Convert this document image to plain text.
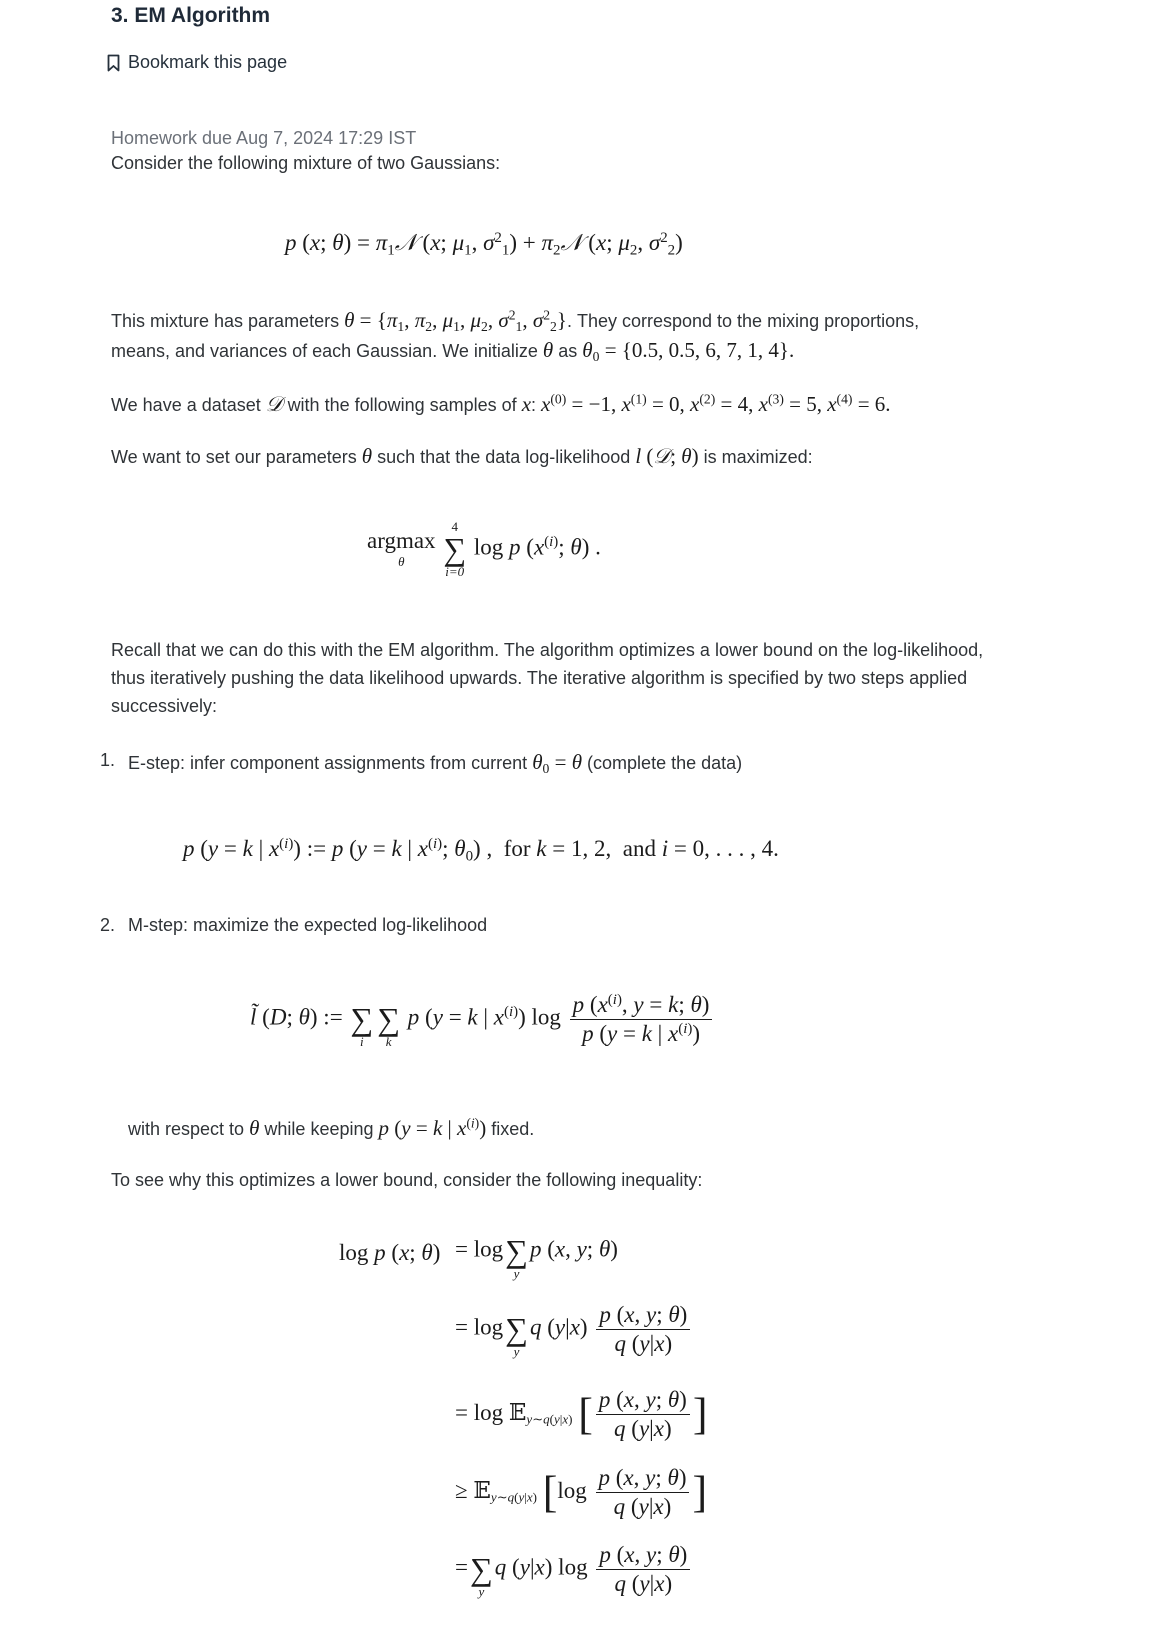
3. EM Algorithm
Bookmark this page
Homework due Aug 7, 2024 17:29 IST
Consider the following mixture of two Gaussians:
p (x; $\theta) = \pi_1𝒩$ (x; $\mu_1$, $\sigma^2_1$) + $\pi_2𝒩$ (x; $\mu_2$, $\sigma^2_2$)
This mixture has parameters $\theta = \{\pi_1$, $\pi_2$, $\mu_1$, $\mu_2$, $\sigma^2_1$, $\sigma^2_2$}. They correspond to the mixing proportions,
means, and variances of each Gaussian. We initialize θ as $\theta_0 = \{0.5$, 0.5, 6, 7, 1, 4}.
We have a dataset 𝒟 with the following samples of x: $x^{(0)} = -1$, $x^{(1)} = 0$, $x^{(2)} = 4$, $x^{(3)} = 5$, $x^{(4)} = 6$.
We want to set our parameters θ such that the data log-likelihood l (𝒟; θ) is maximized:
argmax
θ

4
∑
i=0
log p ($x^{(i)}$; θ) .
Recall that we can do this with the EM algorithm. The algorithm optimizes a lower bound on the log-likelihood,
thus iteratively pushing the data likelihood upwards. The iterative algorithm is specified by two steps applied
successively:
1. E-step: infer component assignments from current $\theta_0 = \theta$ (complete the data)
p (y = k | $x^{(i)}$) := p (y = k | $x^{(i)}$; $\theta_0$) ,  for k = 1, 2, and i = 0, . . . , 4.
2. M-step: maximize the expected log-likelihood
l̃ (D; θ) :=
∑
i

∑
k
p (y = k | $x^{(i)}$) $\log \frac{p (x^{(i)}, y = k; \theta)}{p (y = k | x^{(i)})}$
with respect to θ while keeping p (y = k | $x^{(i)}$) fixed.
To see why this optimizes a lower bound, consider the following inequality:
log p (x; θ) = log
∑
y
p (x, y; θ)
= log
∑
y
q $(y|x) \frac{p (x, y; \theta)}{q (y|x)}$
= log 𝔼$_{y\sim q(y|x)}$ [ $\frac{p (x, y; \theta)}{q (y|x)}$ ]
≥ 𝔼$_{y\sim q(y|x)}$ [$\log \frac{p (x, y; \theta)}{q (y|x)}$ ]
=
∑
y
q (y|x) $\log \frac{p (x, y; \theta)}{q (y|x)}$
